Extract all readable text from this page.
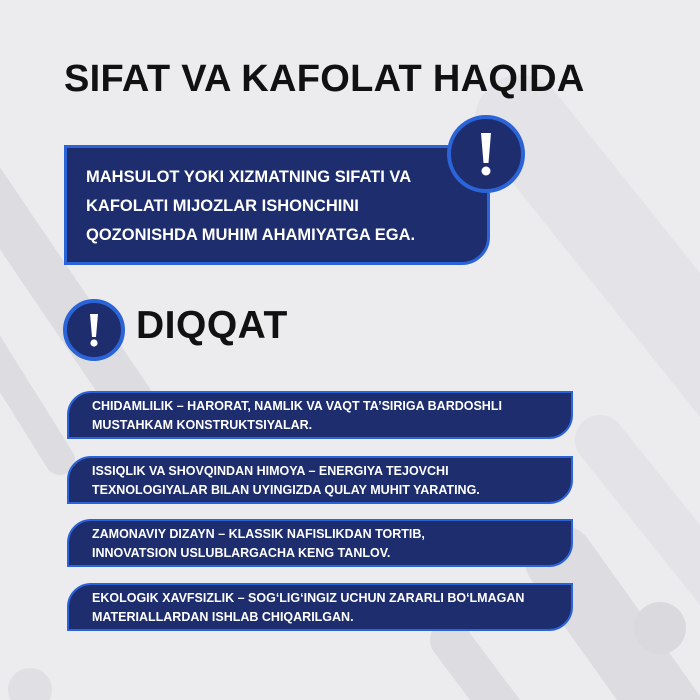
SIFAT VA KAFOLAT HAQIDA

MAHSULOT YOKI XIZMATNING SIFATI VA
KAFOLATI MIJOZLAR ISHONCHINI
QOZONISHDA MUHIM AHAMIYATGA EGA.

DIQQAT

CHIDAMLILIK – HARORAT, NAMLIK VA VAQT TA’SIRIGA BARDOSHLI
MUSTAHKAM KONSTRUKTSIYALAR.

ISSIQLIK VA SHOVQINDAN HIMOYA – ENERGIYA TEJOVCHI
TEXNOLOGIYALAR BILAN UYINGIZDA QULAY MUHIT YARATING.

ZAMONAVIY DIZAYN – KLASSIK NAFISLIKDAN TORTIB,
INNOVATSION USLUBLARGACHA KENG TANLOV.

EKOLOGIK XAVFSIZLIK – SOG‘LIG‘INGIZ UCHUN ZARARLI BO‘LMAGAN
MATERIALLARDAN ISHLAB CHIQARILGAN.
